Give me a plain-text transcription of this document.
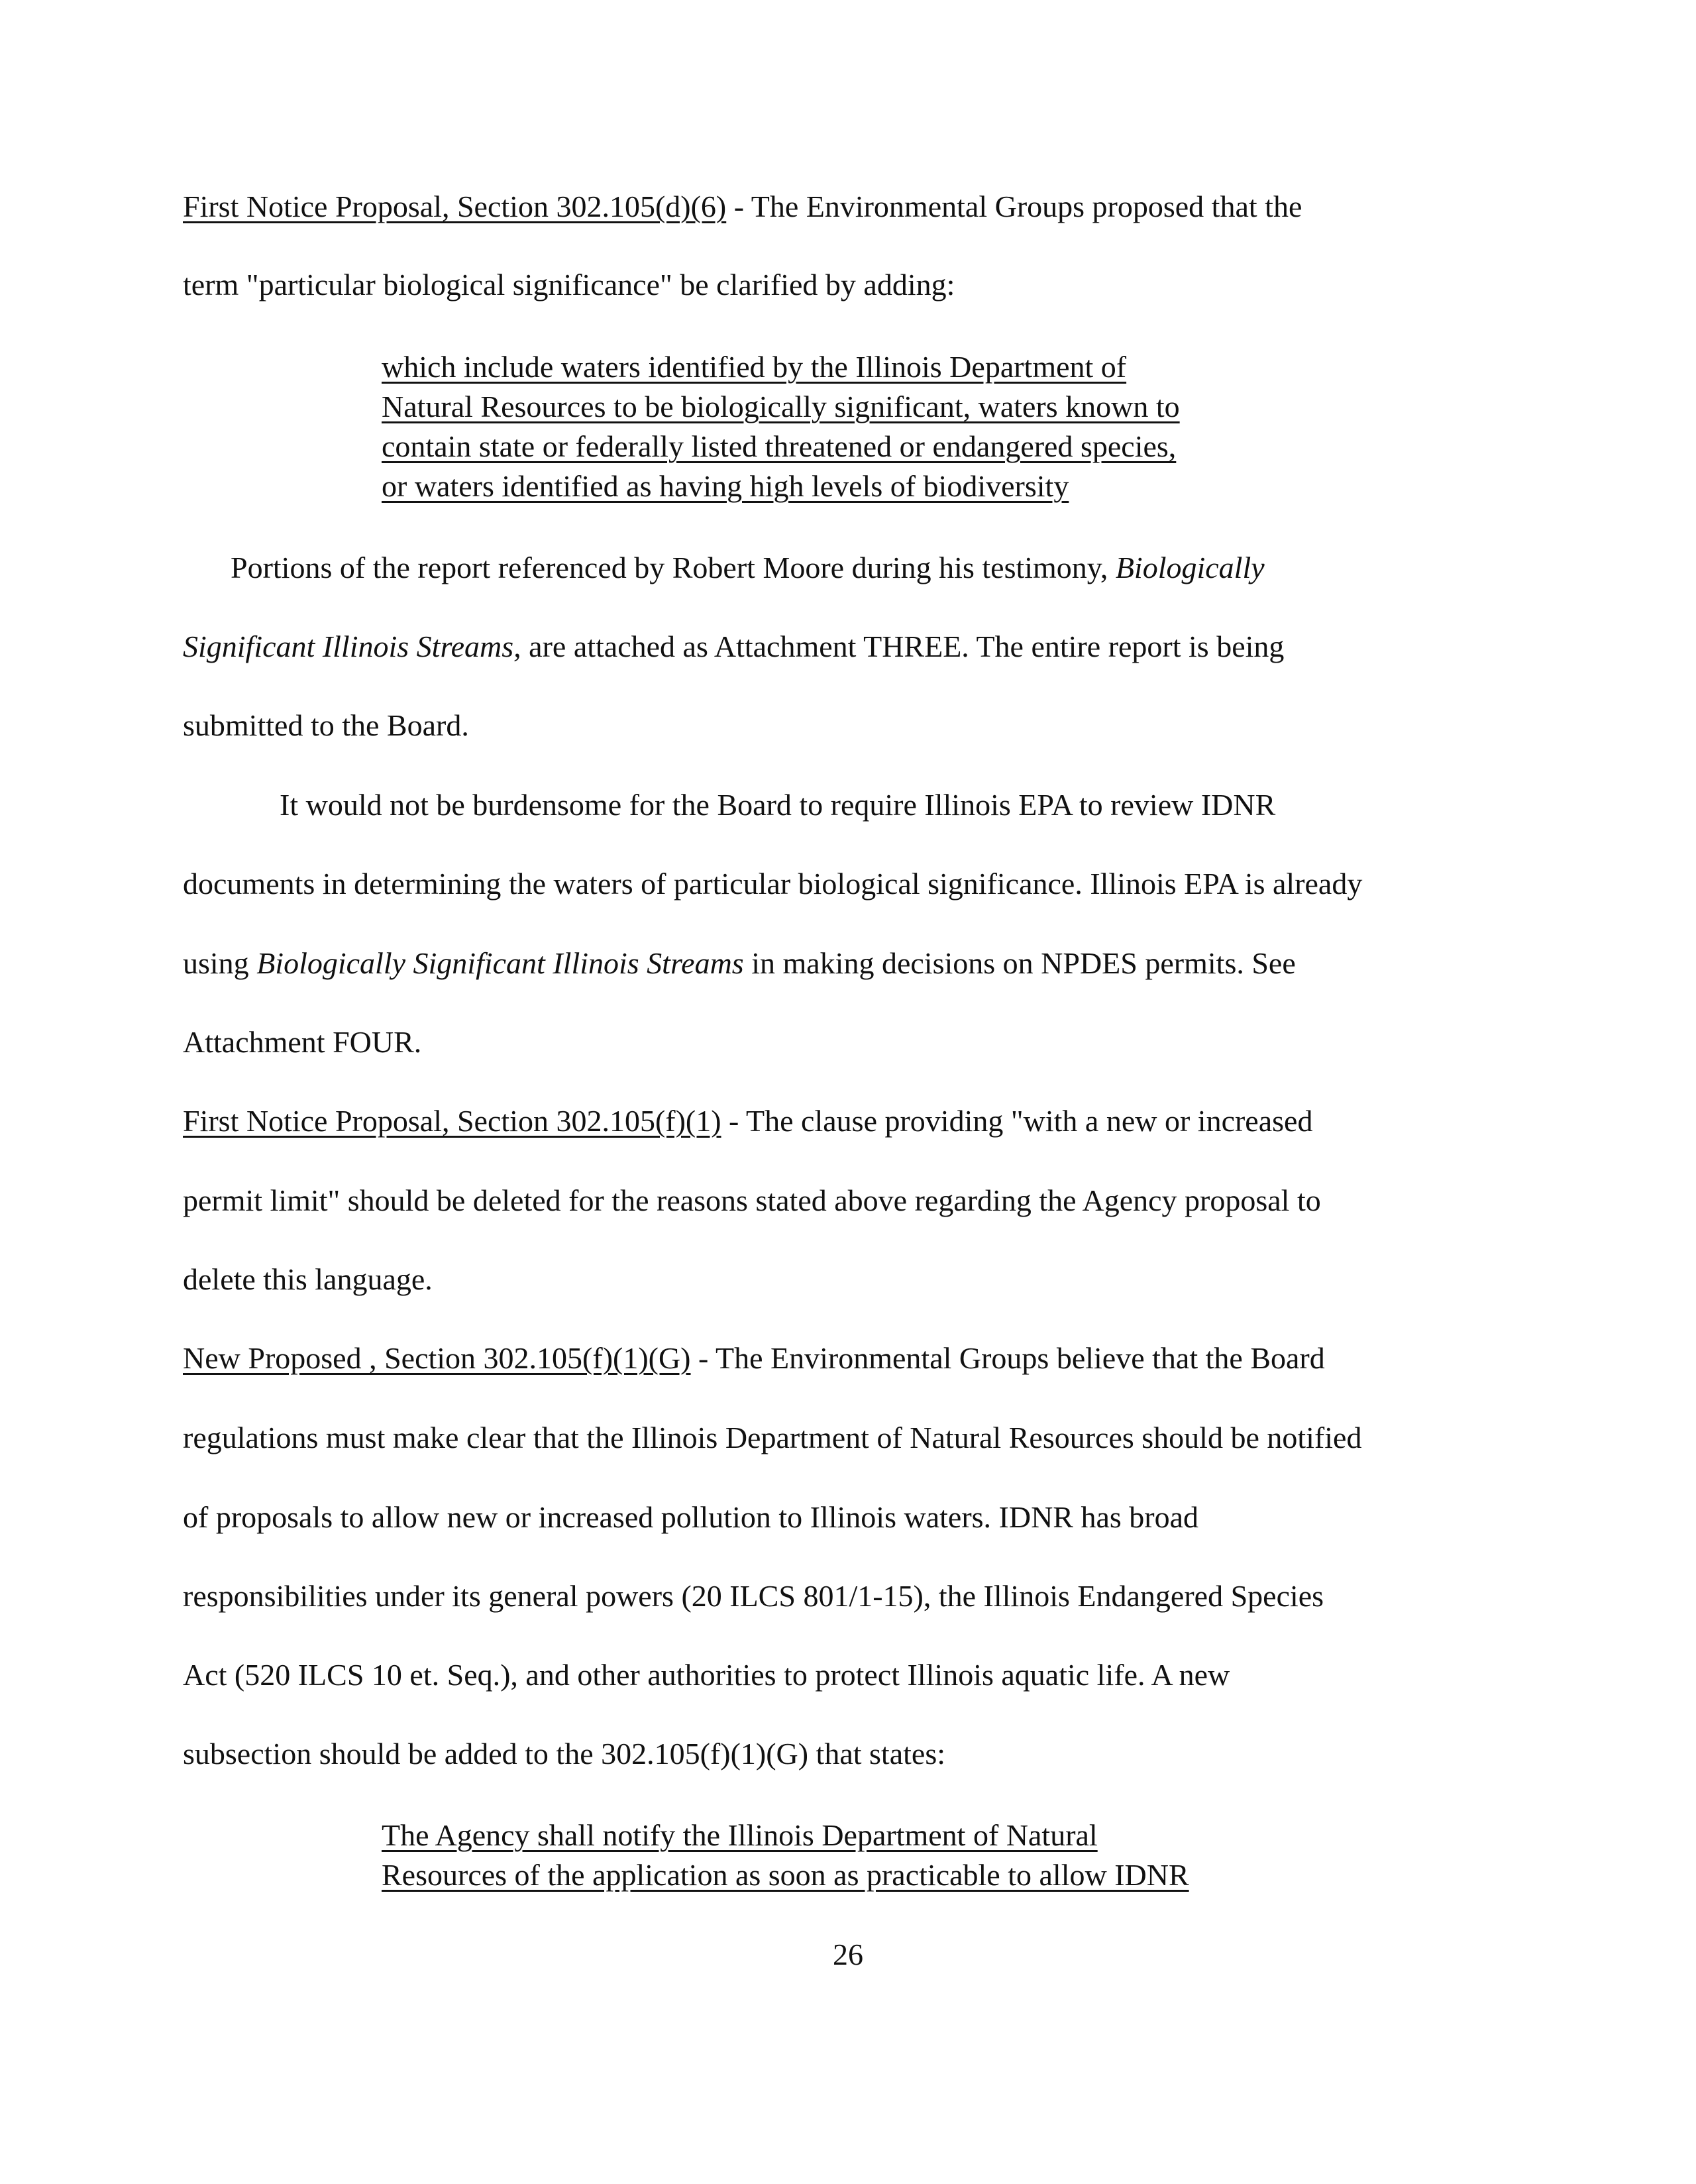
First Notice Proposal, Section 302.105(d)(6) - The Environmental Groups proposed that the
term "particular biological significance" be clarified by adding:
which include waters identified by the Illinois Department of
Natural Resources to be biologically significant, waters known to
contain state or federally listed threatened or endangered species,
or waters identified as having high levels of biodiversity
Portions of the report referenced by Robert Moore during his testimony, Biologically
Significant Illinois Streams, are attached as Attachment THREE. The entire report is being
submitted to the Board.
It would not be burdensome for the Board to require Illinois EPA to review IDNR
documents in determining the waters of particular biological significance. Illinois EPA is already
using Biologically Significant Illinois Streams in making decisions on NPDES permits. See
Attachment FOUR.
First Notice Proposal, Section 302.105(f)(1) - The clause providing "with a new or increased
permit limit" should be deleted for the reasons stated above regarding the Agency proposal to
delete this language.
New Proposed , Section 302.105(f)(1)(G) - The Environmental Groups believe that the Board
regulations must make clear that the Illinois Department of Natural Resources should be notified
of proposals to allow new or increased pollution to Illinois waters. IDNR has broad
responsibilities under its general powers (20 ILCS 801/1-15), the Illinois Endangered Species
Act (520 ILCS 10 et. Seq.), and other authorities to protect Illinois aquatic life. A new
subsection should be added to the 302.105(f)(1)(G) that states:
The Agency shall notify the Illinois Department of Natural
Resources of the application as soon as practicable to allow IDNR
26
